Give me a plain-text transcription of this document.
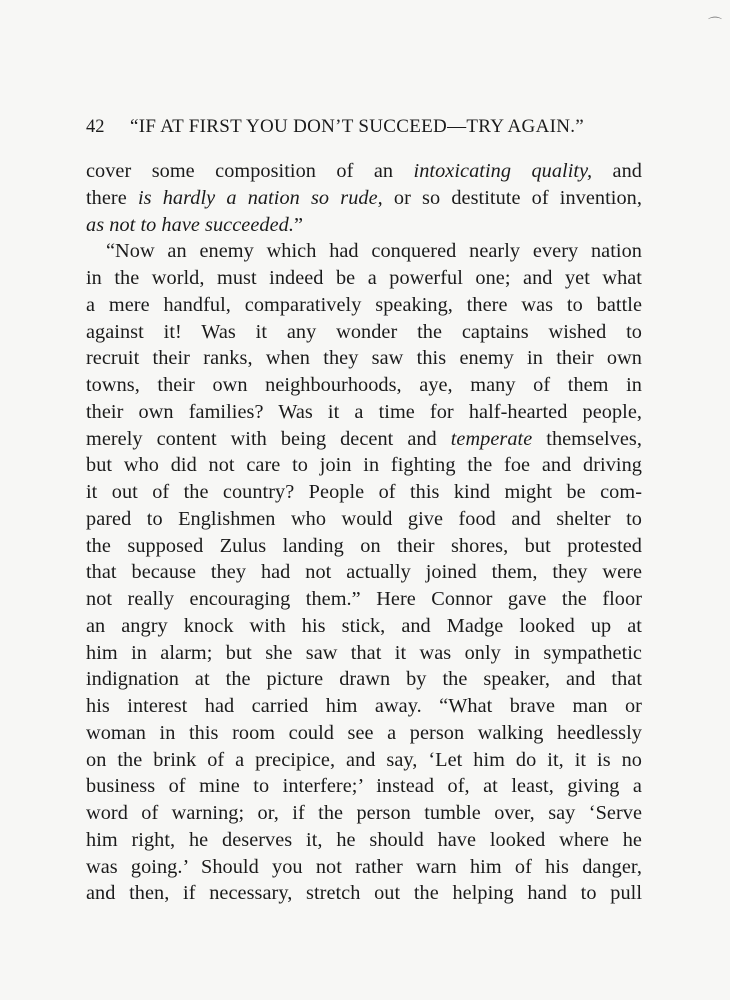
⌒
42 “IF AT FIRST YOU DON’T SUCCEED—TRY AGAIN.”
cover some composition of an intoxicating quality, and
there is hardly a nation so rude, or so destitute of invention,
as not to have succeeded.”
“Now an enemy which had conquered nearly every nation
in the world, must indeed be a powerful one; and yet what
a mere handful, comparatively speaking, there was to battle
against it! Was it any wonder the captains wished to
recruit their ranks, when they saw this enemy in their own
towns, their own neighbourhoods, aye, many of them in
their own families? Was it a time for half-hearted people,
merely content with being decent and temperate themselves,
but who did not care to join in fighting the foe and driving
it out of the country? People of this kind might be com-
pared to Englishmen who would give food and shelter to
the supposed Zulus landing on their shores, but protested
that because they had not actually joined them, they were
not really encouraging them.” Here Connor gave the floor
an angry knock with his stick, and Madge looked up at
him in alarm; but she saw that it was only in sympathetic
indignation at the picture drawn by the speaker, and that
his interest had carried him away. “What brave man or
woman in this room could see a person walking heedlessly
on the brink of a precipice, and say, ‘Let him do it, it is no
business of mine to interfere;’ instead of, at least, giving a
word of warning; or, if the person tumble over, say ‘Serve
him right, he deserves it, he should have looked where he
was going.’ Should you not rather warn him of his danger,
and then, if necessary, stretch out the helping hand to pull
